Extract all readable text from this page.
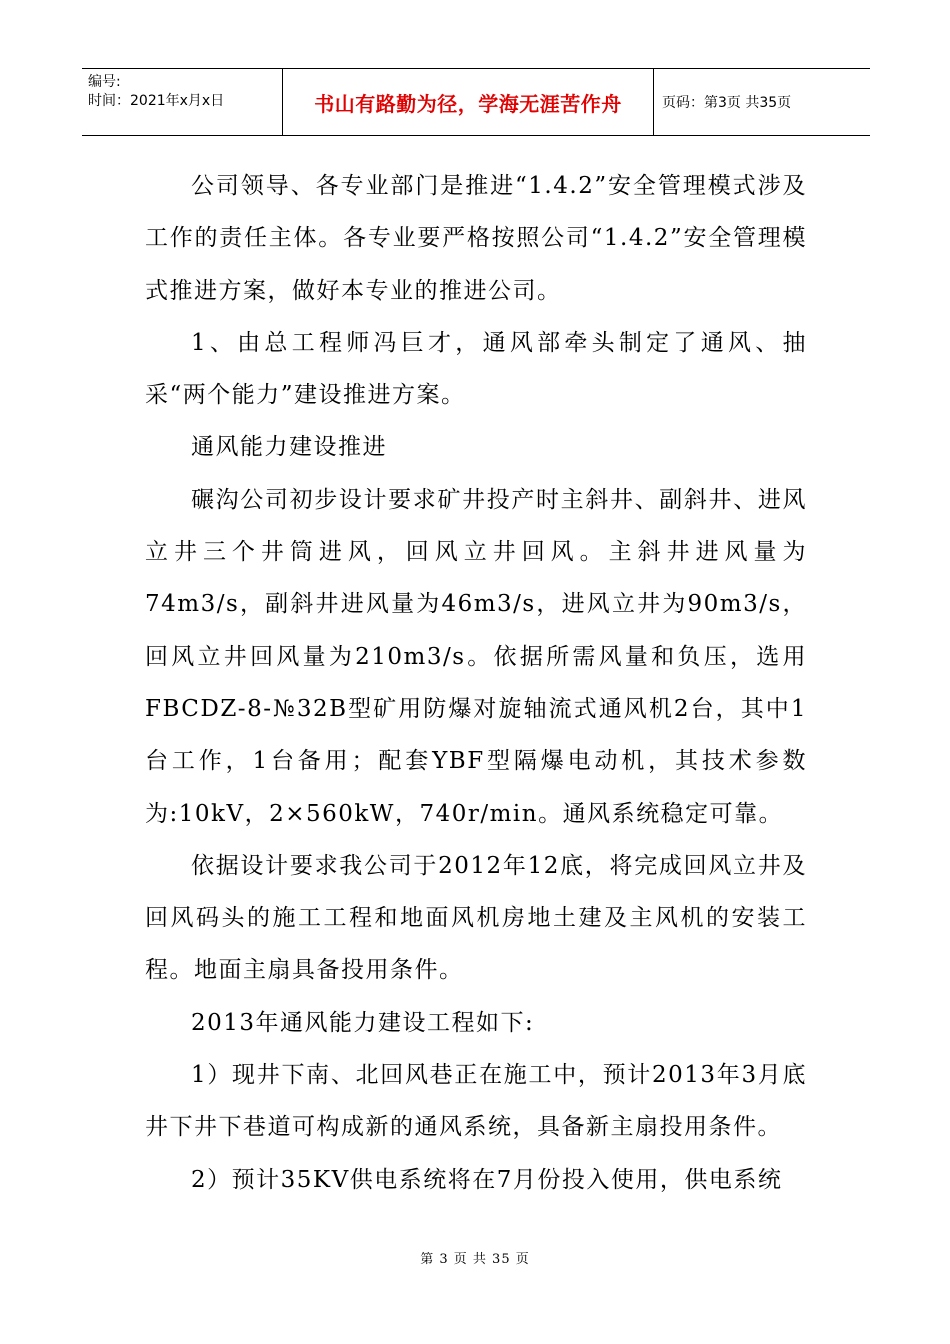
编号:
时间：2021年x月x日	书山有路勤为径，学海无涯苦作舟	页码：第3页 共35页

公司领导、各专业部门是推进“1.4.2”安全管理模式涉及工作的责任主体。各专业要严格按照公司“1.4.2”安全管理模式推进方案，做好本专业的推进公司。

1、由总工程师冯巨才，通风部牵头制定了通风、抽采“两个能力”建设推进方案。

通风能力建设推进

碾沟公司初步设计要求矿井投产时主斜井、副斜井、进风立井三个井筒进风，回风立井回风。主斜井进风量为74m3/s，副斜井进风量为46m3/s，进风立井为90m3/s，回风立井回风量为210m3/s。依据所需风量和负压，选用FBCDZ-8-№32B型矿用防爆对旋轴流式通风机2台，其中1台工作，1台备用；配套YBF型隔爆电动机，其技术参数为:10kV，2×560kW，740r/min。通风系统稳定可靠。

依据设计要求我公司于2012年12底，将完成回风立井及回风码头的施工工程和地面风机房地土建及主风机的安装工程。地面主扇具备投用条件。

2013年通风能力建设工程如下:

1）现井下南、北回风巷正在施工中，预计2013年3月底井下井下巷道可构成新的通风系统，具备新主扇投用条件。

2）预计35KV供电系统将在7月份投入使用，供电系统

第 3 页 共 35 页
